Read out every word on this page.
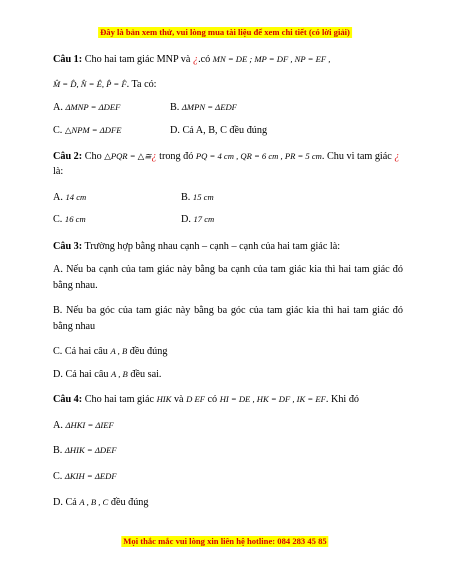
Đây là bản xem thử, vui lòng mua tài liệu để xem chi tiết (có lời giải)
Câu 1: Cho hai tam giác MNP và ¿.có MN = DE ; MP = DF , NP = EF ,
M̂ = D̂, N̂ = Ê, P̂ = F̂. Ta có:
A. ΔMNP = ΔDEF	B. ΔMPN = ΔEDF
C. △NPM = ΔDFE	D. Cả A, B, C đều đúng
Câu 2: Cho △PQR = △≅¿ trong đó PQ = 4 cm , QR = 6 cm , PR = 5 cm. Chu vi tam giác ¿
là:
A. 14 cm	B. 15 cm
C. 16 cm	D. 17 cm
Câu 3: Trường hợp bằng nhau cạnh – cạnh – cạnh của hai tam giác là:
A. Nếu ba cạnh của tam giác này bằng ba cạnh của tam giác kia thì hai tam giác đó bằng nhau.
B. Nếu ba góc của tam giác này bằng ba góc của tam giác kia thì hai tam giác đó bằng nhau
C. Cả hai câu A , B đều đúng
D. Cả hai câu A , B đều sai.
Câu 4: Cho hai tam giác HIK và D EF có HI = DE , HK = DF , IK = EF. Khi đó
A. ΔHKI = ΔIEF
B. ΔHIK = ΔDEF
C. ΔKIH = ΔEDF
D. Cả A , B , C đều đúng
Mọi thắc mắc vui lòng xin liên hệ hotline: 084 283 45 85
